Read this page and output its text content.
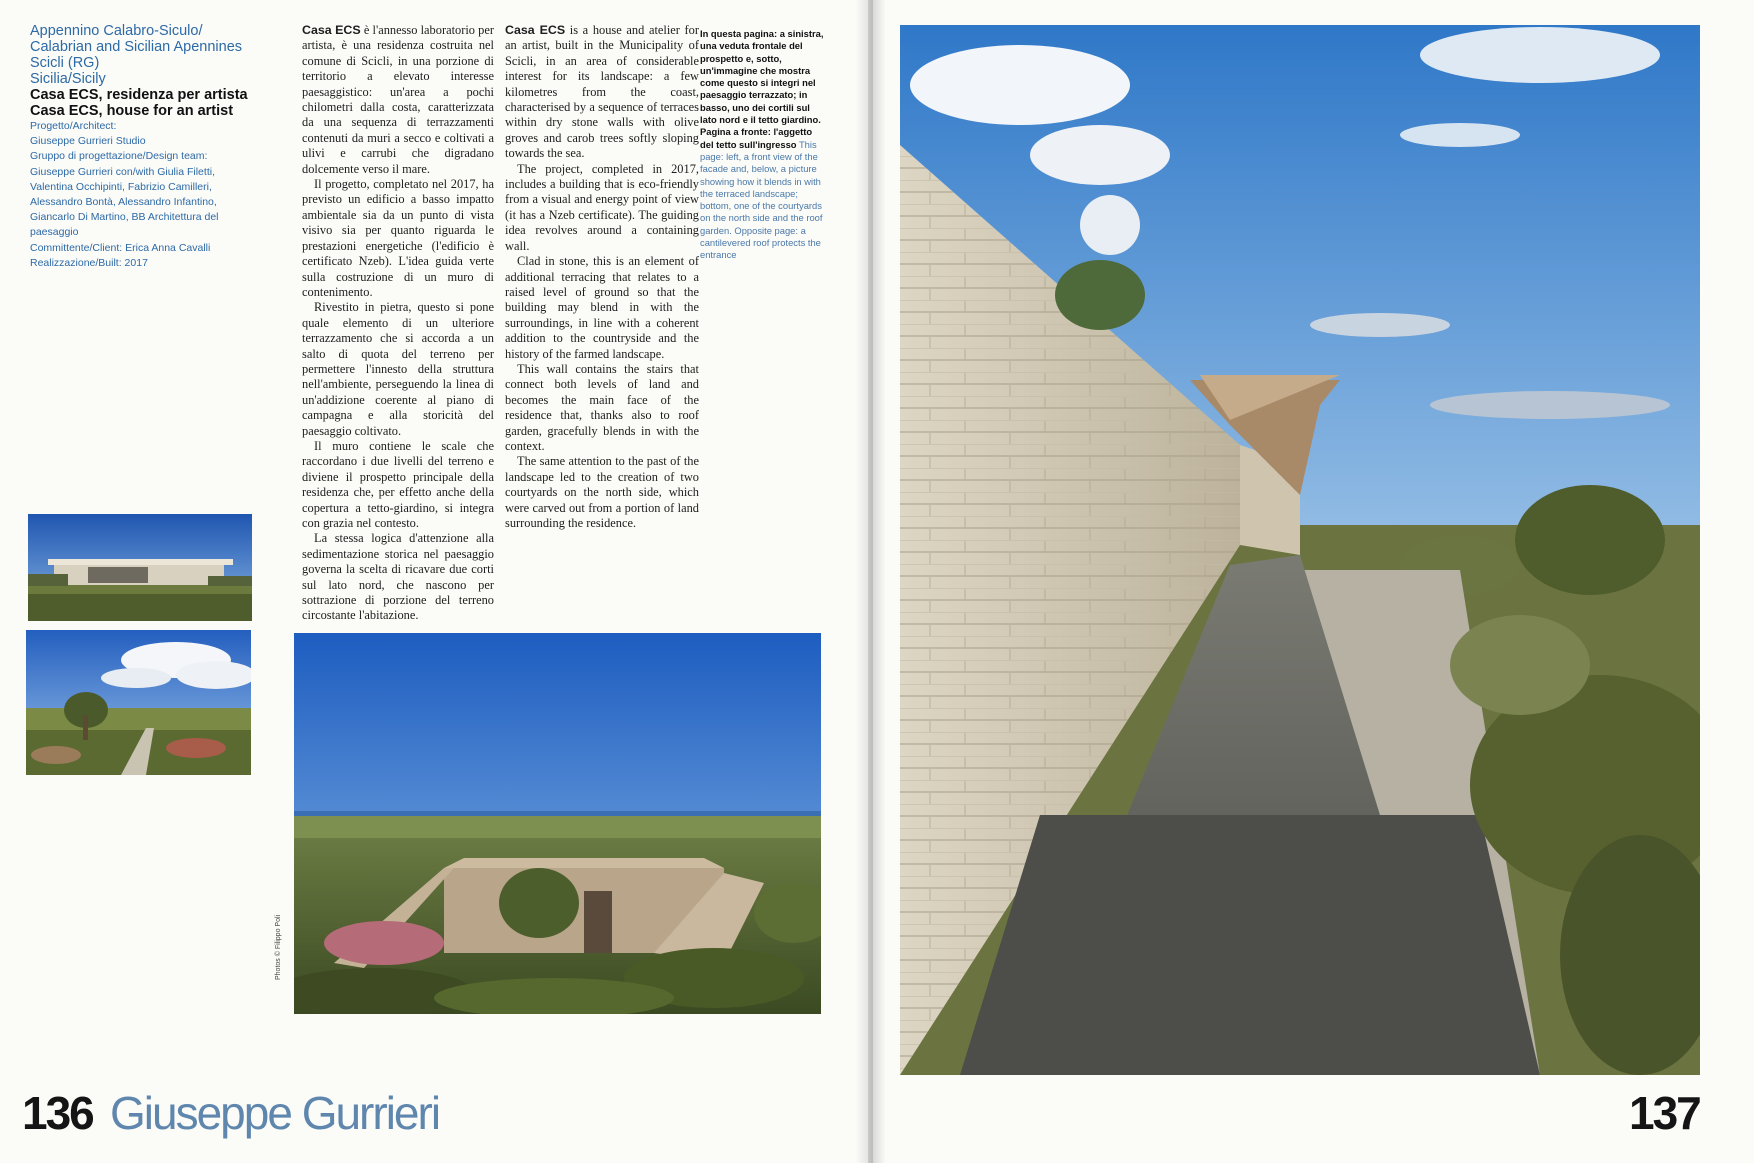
Appennino Calabro-Siculo/
Calabrian and Sicilian Apennines
Scicli (RG)
Sicilia/Sicily
Casa ECS, residenza per artista
Casa ECS, house for an artist
Progetto/Architect:
Giuseppe Gurrieri Studio
Gruppo di progettazione/Design team:
Giuseppe Gurrieri con/with Giulia Filetti,
Valentina Occhipinti, Fabrizio Camilleri,
Alessandro Bontà, Alessandro Infantino,
Giancarlo Di Martino, BB Architettura del
paesaggio
Committente/Client: Erica Anna Cavalli
Realizzazione/Built: 2017

Casa ECS è l'annesso laboratorio per artista, è una residenza costruita nel comune di Scicli, in una porzione di territorio a elevato interesse paesaggistico: un'area a pochi chilometri dalla costa, caratterizzata da una sequenza di terrazzamenti contenuti da muri a secco e coltivati a ulivi e carrubi che digradano dolcemente verso il mare.

Il progetto, completato nel 2017, ha previsto un edificio a basso impatto ambientale sia da un punto di vista visivo sia per quanto riguarda le prestazioni energetiche (l'edificio è certificato Nzeb). L'idea guida verte sulla costruzione di un muro di contenimento.

Rivestito in pietra, questo si pone quale elemento di un ulteriore terrazzamento che si accorda a un salto di quota del terreno per permettere l'innesto della struttura nell'ambiente, perseguendo la linea di un'addizione coerente al piano di campagna e alla storicità del paesaggio coltivato.

Il muro contiene le scale che raccordano i due livelli del terreno e diviene il prospetto principale della residenza che, per effetto anche della copertura a tetto-giardino, si integra con grazia nel contesto.

La stessa logica d'attenzione alla sedimentazione storica nel paesaggio governa la scelta di ricavare due corti sul lato nord, che nascono per sottrazione di porzione del terreno circostante l'abitazione.

Casa ECS is a house and atelier for an artist, built in the Municipality of Scicli, in an area of considerable interest for its landscape: a few kilometres from the coast, characterised by a sequence of terraces within dry stone walls with olive groves and carob trees softly sloping towards the sea.

The project, completed in 2017, includes a building that is eco-friendly from a visual and energy point of view (it has a Nzeb certificate). The guiding idea revolves around a containing wall.

Clad in stone, this is an element of additional terracing that relates to a raised level of ground so that the building may blend in with the surroundings, in line with a coherent addition to the countryside and the history of the farmed landscape.

This wall contains the stairs that connect both levels of land and becomes the main face of the residence that, thanks also to roof garden, gracefully blends in with the context.

The same attention to the past of the landscape led to the creation of two courtyards on the north side, which were carved out from a portion of land surrounding the residence.

In questa pagina: a sinistra, una veduta frontale del prospetto e, sotto, un'immagine che mostra come questo si integri nel paesaggio terrazzato; in basso, uno dei cortili sul lato nord e il tetto giardino. Pagina a fronte: l'aggetto del tetto sull'ingresso This page: left, a front view of the facade and, below, a picture showing how it blends in with the terraced landscape; bottom, one of the courtyards on the north side and the roof garden. Opposite page: a cantilevered roof protects the entrance
Photos © Filippo Poli
136 Giuseppe Gurrieri	137
